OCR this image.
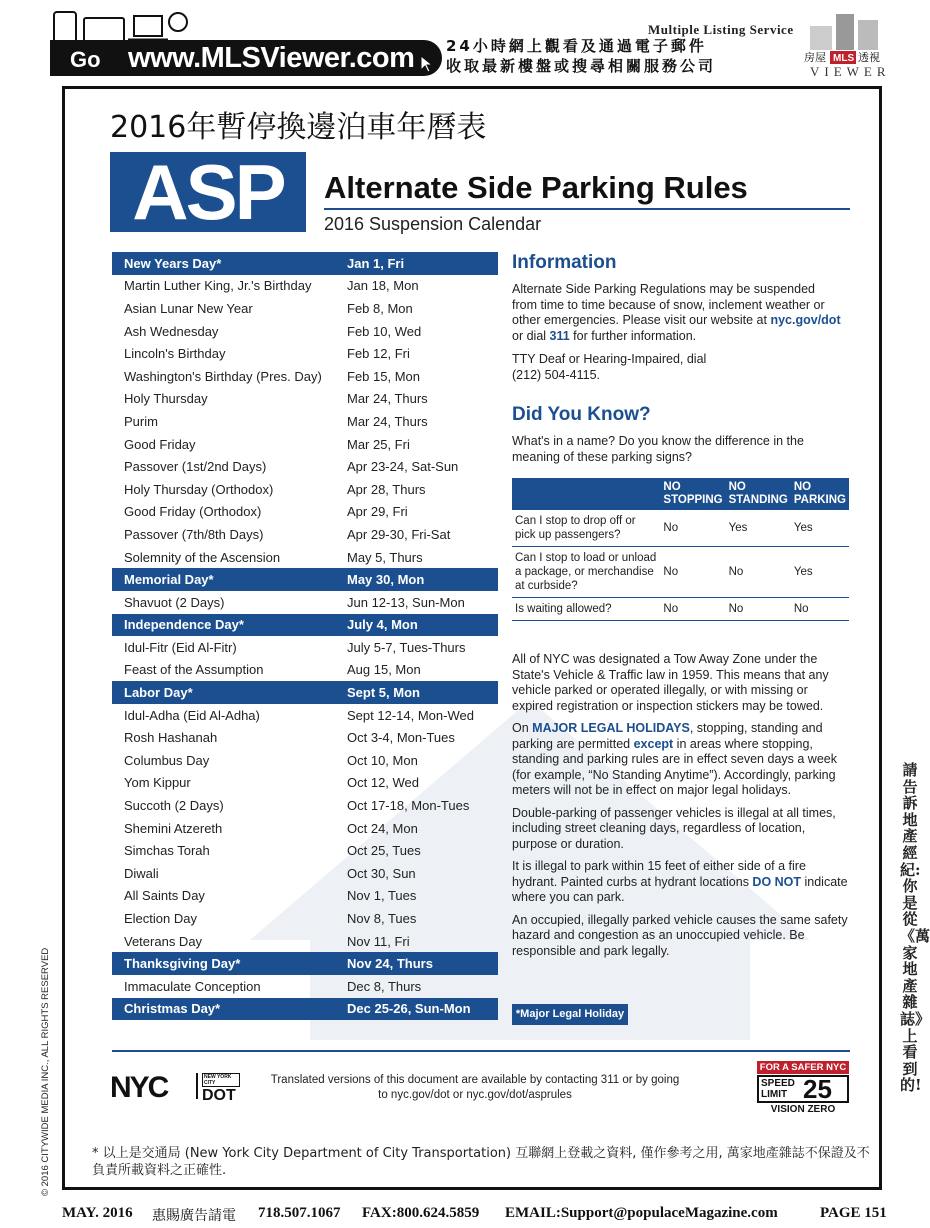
Go www.MLSViewer.com 24小時網上觀看及通過電子郵件
收取最新樓盤或搜尋相關服務公司
Multiple Listing Service
房屋 MLS 透視
VIEWER
2016年暫停換邊泊車年曆表
ASP	Alternate Side Parking Rules
2016 Suspension Calendar
New Years Day*	Jan 1, Fri
Martin Luther King, Jr.'s Birthday	Jan 18, Mon
Asian Lunar New Year	Feb 8, Mon
Ash Wednesday	Feb 10, Wed
Lincoln's Birthday	Feb 12, Fri
Washington's Birthday (Pres. Day)	Feb 15, Mon
Holy Thursday	Mar 24, Thurs
Purim	Mar 24, Thurs
Good Friday	Mar 25, Fri
Passover (1st/2nd Days)	Apr 23-24, Sat-Sun
Holy Thursday (Orthodox)	Apr 28, Thurs
Good Friday (Orthodox)	Apr 29, Fri
Passover (7th/8th Days)	Apr 29-30, Fri-Sat
Solemnity of the Ascension	May 5, Thurs
Memorial Day*	May 30, Mon
Shavuot (2 Days)	Jun 12-13, Sun-Mon
Independence Day*	July 4, Mon
Idul-Fitr (Eid Al-Fitr)	July 5-7, Tues-Thurs
Feast of the Assumption	Aug 15, Mon
Labor Day*	Sept 5, Mon
Idul-Adha (Eid Al-Adha)	Sept 12-14, Mon-Wed
Rosh Hashanah	Oct 3-4, Mon-Tues
Columbus Day	Oct 10, Mon
Yom Kippur	Oct 12, Wed
Succoth (2 Days)	Oct 17-18, Mon-Tues
Shemini Atzereth	Oct 24, Mon
Simchas Torah	Oct 25, Tues
Diwali	Oct 30, Sun
All Saints Day	Nov 1, Tues
Election Day	Nov 8, Tues
Veterans Day	Nov 11, Fri
Thanksgiving Day*	Nov 24, Thurs
Immaculate Conception	Dec 8, Thurs
Christmas Day*	Dec 25-26, Sun-Mon
Information

Alternate Side Parking Regulations may be suspended from time to time because of snow, inclement weather or other emergencies. Please visit our website at nyc.gov/dot or dial 311 for further information.

TTY Deaf or Hearing-Impaired, dial
(212) 504-4115.

Did You Know?

What's in a name? Do you know the difference in the meaning of these parking signs?

	NO STOPPING	NO STANDING	NO PARKING
Can I stop to drop off or pick up passengers?	No	Yes	Yes
Can I stop to load or unload a package, or merchandise at curbside?	No	No	Yes
Is waiting allowed?	No	No	No

All of NYC was designated a Tow Away Zone under the State's Vehicle & Traffic law in 1959. This means that any vehicle parked or operated illegally, or with missing or expired registration or inspection stickers may be towed.

On MAJOR LEGAL HOLIDAYS, stopping, standing and parking are permitted except in areas where stopping, standing and parking rules are in effect seven days a week (for example, “No Standing Anytime”). Accordingly, parking meters will not be in effect on major legal holidays.

Double-parking of passenger vehicles is illegal at all times, including street cleaning days, regardless of location, purpose or duration.

It is illegal to park within 15 feet of either side of a fire hydrant. Painted curbs at hydrant locations DO NOT indicate where you can park.

An occupied, illegally parked vehicle causes the same safety hazard and congestion as an unoccupied vehicle. Be responsible and park legally.

*Major Legal Holiday
NYC	NEW YORK CITY
DOT
Translated versions of this document are available by contacting 311 or by going to nyc.gov/dot or nyc.gov/dot/asprules
FOR A SAFER NYC
SPEED
LIMIT 25
VISION ZERO
* 以上是交通局 (New York City Department of City Transportation) 互聯網上登載之資料, 僅作參考之用, 萬家地產雜誌不保證及不負責所載資料之正確性.
© 2016 CITYWIDE MEDIA INC., ALL RIGHTS RESERVED
請告訴地產經紀:你是從《萬家地產雜誌》上看到的!
MAY. 2016 惠賜廣告請電 718.507.1067 FAX:800.624.5859 EMAIL:Support@populaceMagazine.com	PAGE 151
